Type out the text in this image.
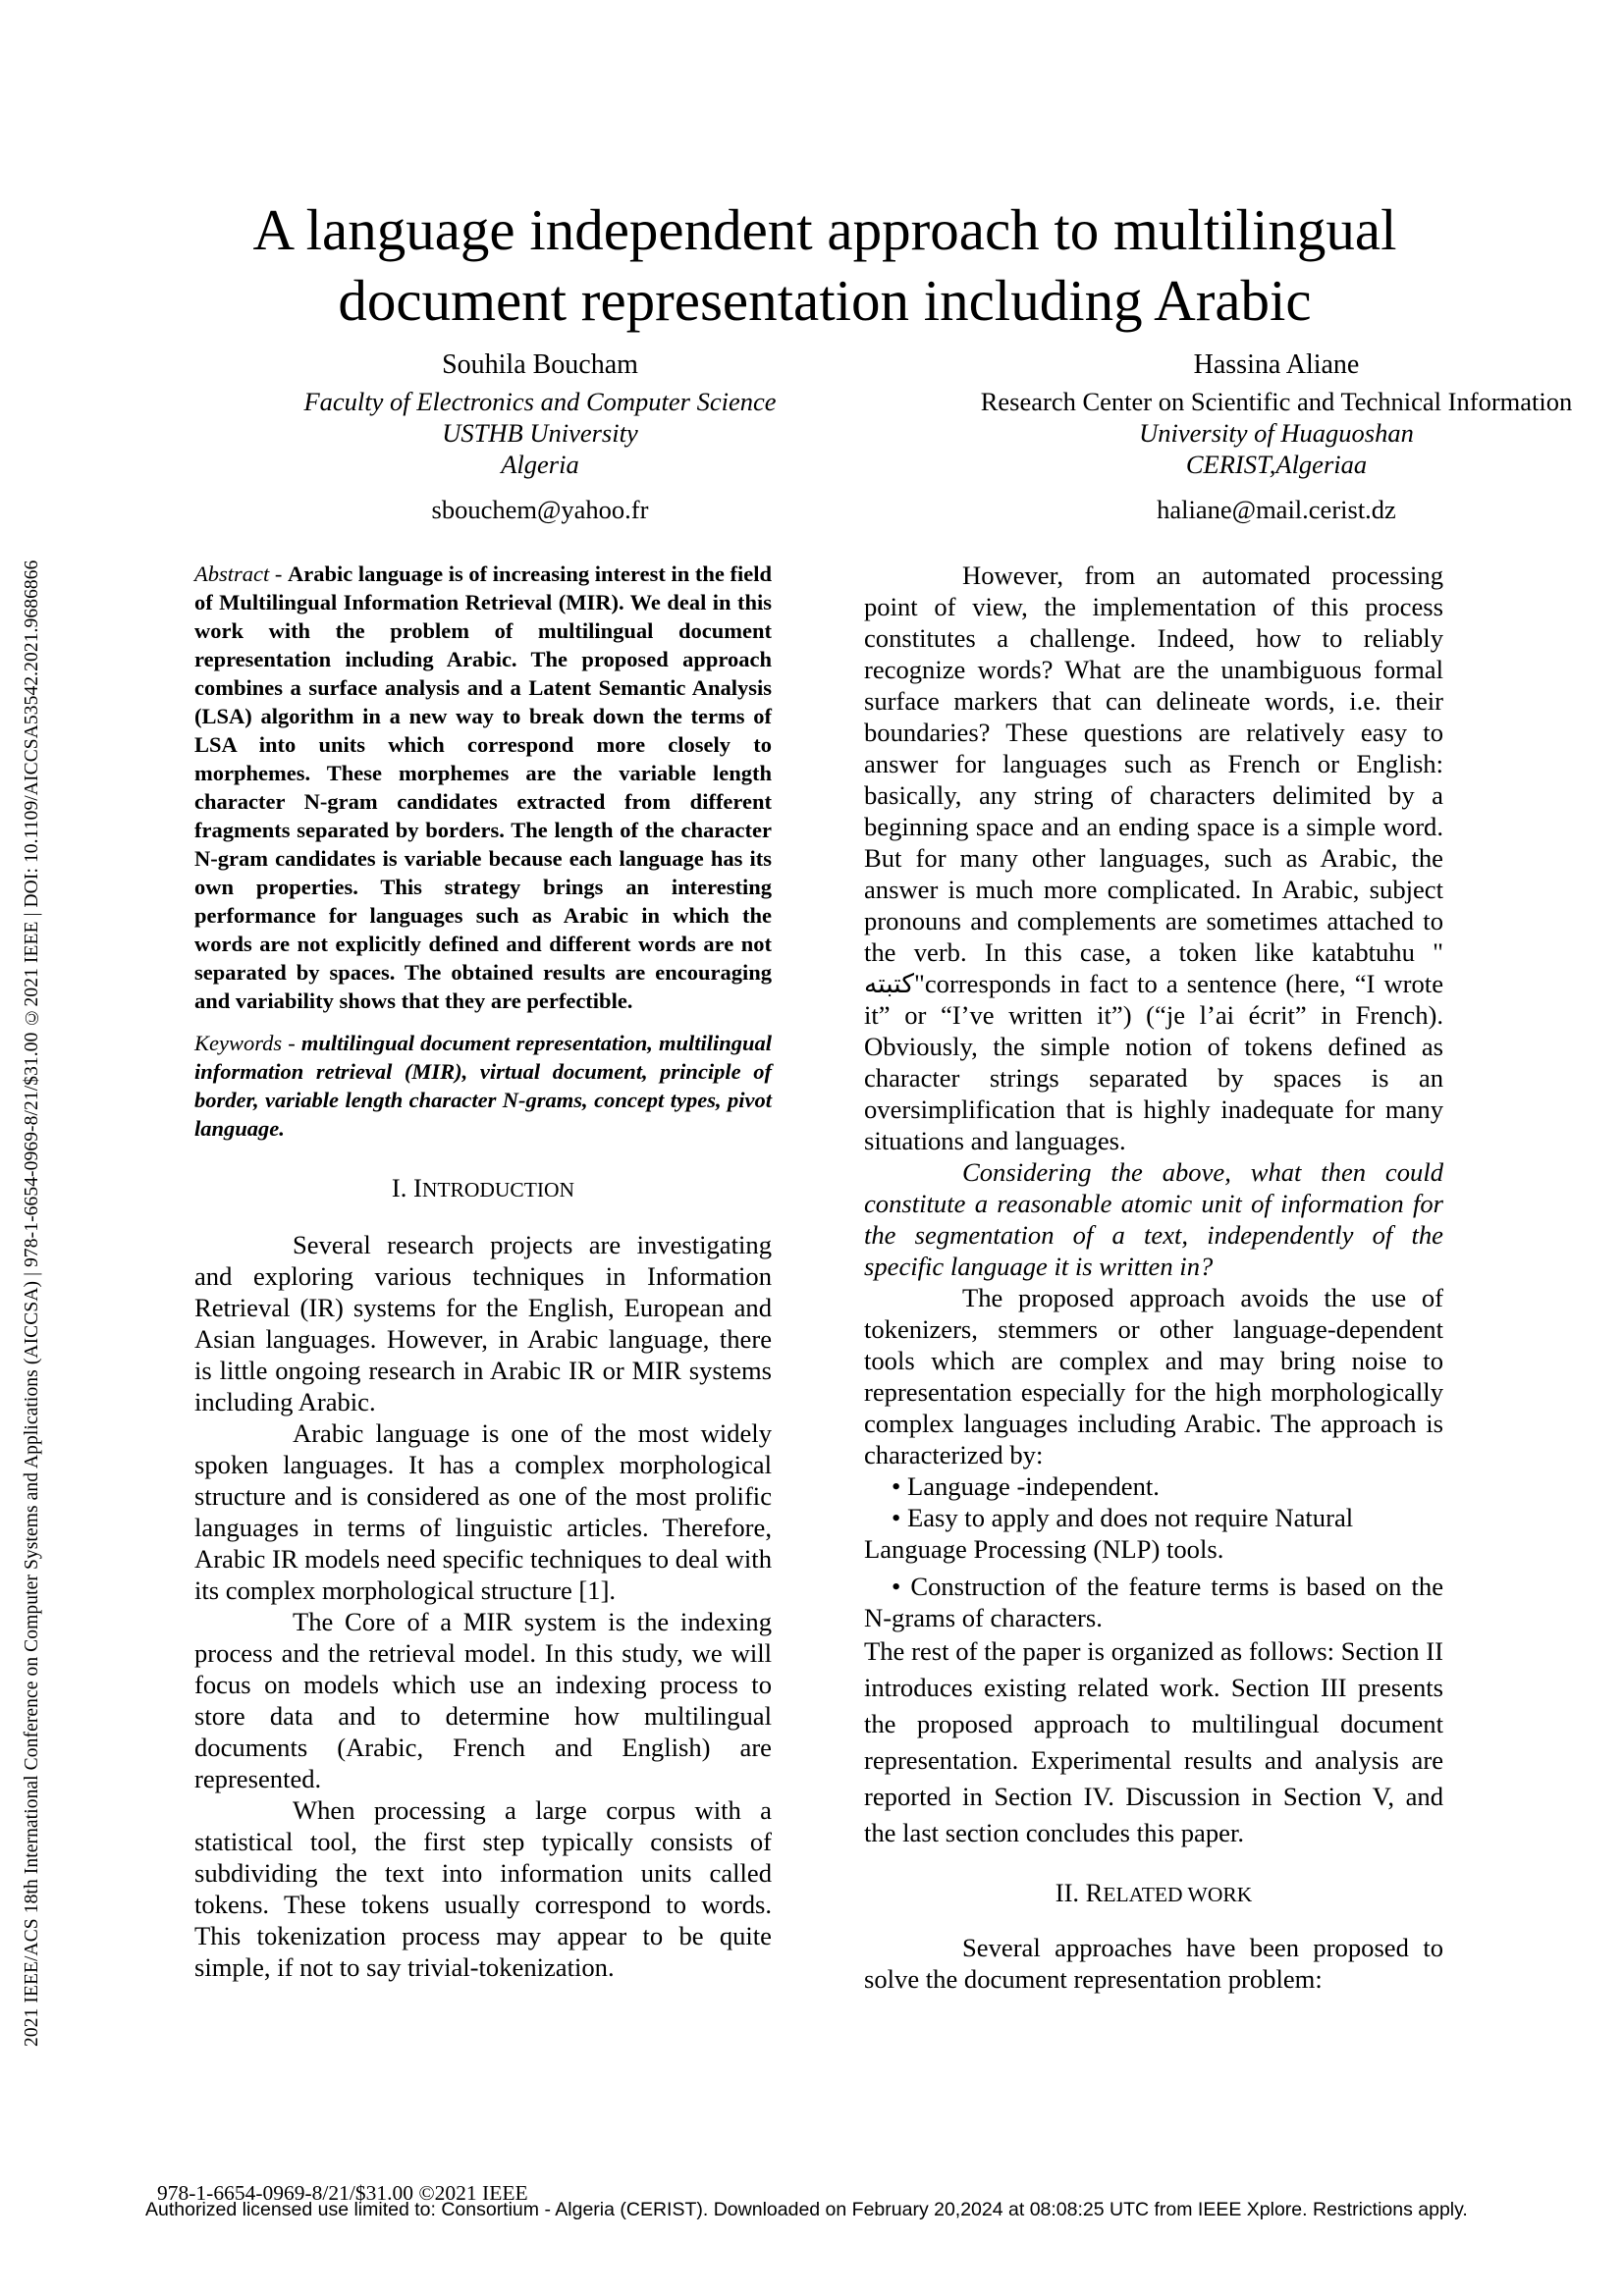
2021 IEEE/ACS 18th International Conference on Computer Systems and Applications (AICCSA) | 978-1-6654-0969-8/21/$31.00 ©2021 IEEE | DOI: 10.1109/AICCSA53542.2021.9686866
A language independent approach to multilingual
document representation including Arabic
Souhila Boucham
Faculty of Electronics and Computer Science
USTHB University
Algeria
sbouchem@yahoo.fr
Hassina Aliane
Research Center on Scientific and Technical Information
University of Huaguoshan
CERIST,Algeriaa
haliane@mail.cerist.dz

Abstract - Arabic language is of increasing interest in the field of Multilingual Information Retrieval (MIR). We deal in this work with the problem of multilingual document representation including Arabic. The proposed approach combines a surface analysis and a Latent Semantic Analysis (LSA) algorithm in a new way to break down the terms of LSA into units which correspond more closely to morphemes. These morphemes are the variable length character N-gram candidates extracted from different fragments separated by borders. The length of the character N-gram candidates is variable because each language has its own properties. This strategy brings an interesting performance for languages such as Arabic in which the words are not explicitly defined and different words are not separated by spaces. The obtained results are encouraging and variability shows that they are perfectible.

Keywords - multilingual document representation, multilingual information retrieval (MIR), virtual document, principle of border, variable length character N-grams, concept types, pivot language.

I. INTRODUCTION

Several research projects are investigating and exploring various techniques in Information Retrieval (IR) systems for the English, European and Asian languages. However, in Arabic language, there is little ongoing research in Arabic IR or MIR systems including Arabic.

Arabic language is one of the most widely spoken languages. It has a complex morphological structure and is considered as one of the most prolific languages in terms of linguistic articles. Therefore, Arabic IR models need specific techniques to deal with its complex morphological structure [1].

The Core of a MIR system is the indexing process and the retrieval model. In this study, we will focus on models which use an indexing process to store data and to determine how multilingual documents (Arabic, French and English) are represented.

When processing a large corpus with a statistical tool, the first step typically consists of subdividing the text into information units called tokens. These tokens usually correspond to words. This tokenization process may appear to be quite simple, if not to say trivial-tokenization.

However, from an automated processing point of view, the implementation of this process constitutes a challenge. Indeed, how to reliably recognize words? What are the unambiguous formal surface markers that can delineate words, i.e. their boundaries? These questions are relatively easy to answer for languages such as French or English: basically, any string of characters delimited by a beginning space and an ending space is a simple word. But for many other languages, such as Arabic, the answer is much more complicated. In Arabic, subject pronouns and complements are sometimes attached to the verb. In this case, a token like katabtuhu " كتبته"corresponds in fact to a sentence (here, “I wrote it” or “I’ve written it”) (“je l’ai écrit” in French). Obviously, the simple notion of tokens defined as character strings separated by spaces is an oversimplification that is highly inadequate for many situations and languages.

Considering the above, what then could constitute a reasonable atomic unit of information for the segmentation of a text, independently of the specific language it is written in?

The proposed approach avoids the use of tokenizers, stemmers or other language-dependent tools which are complex and may bring noise to representation especially for the high morphologically complex languages including Arabic. The approach is characterized by:

• Language -independent.

• Easy to apply and does not require Natural

Language Processing (NLP) tools.

• Construction of the feature terms is based on the N-grams of characters.

The rest of the paper is organized as follows: Section II introduces existing related work. Section III presents the proposed approach to multilingual document representation. Experimental results and analysis are reported in Section IV. Discussion in Section V, and the last section concludes this paper.

II. RELATED WORK

Several approaches have been proposed to solve the document representation problem:

978-1-6654-0969-8/21/$31.00 ©2021 IEEE
Authorized licensed use limited to: Consortium - Algeria (CERIST). Downloaded on February 20,2024 at 08:08:25 UTC from IEEE Xplore. Restrictions apply.
